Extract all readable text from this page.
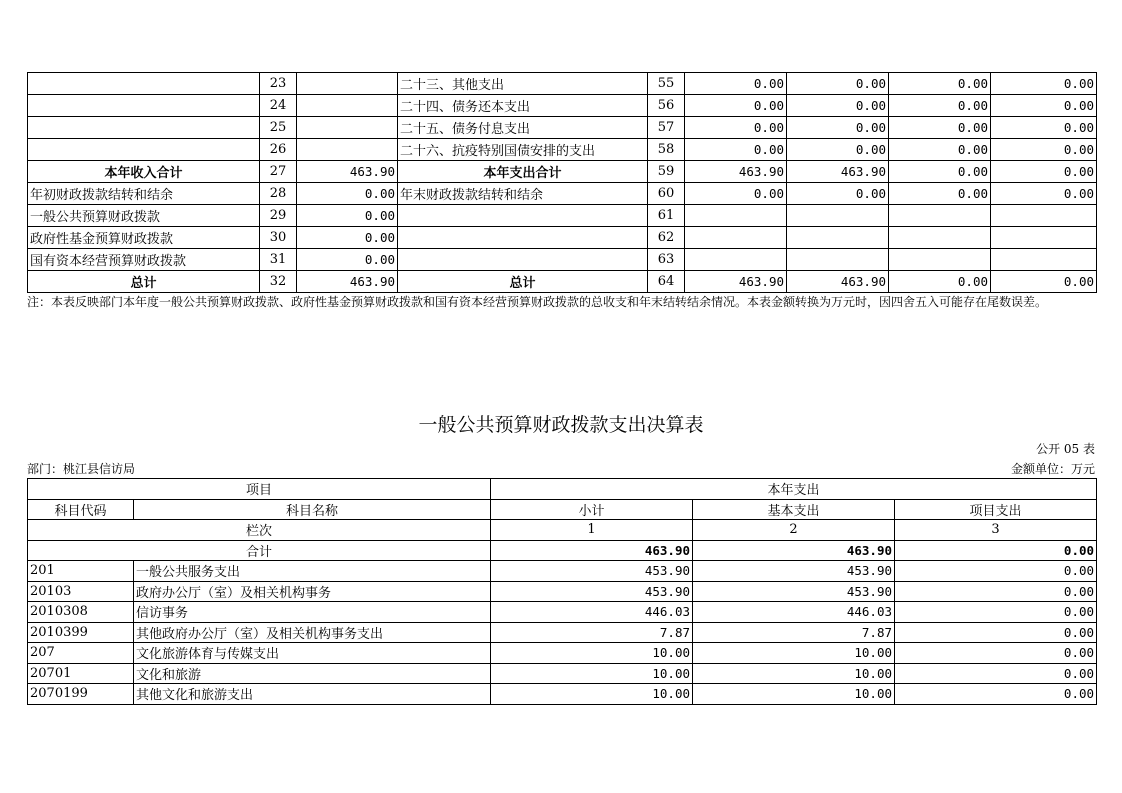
	23		二十三、其他支出	55	0.00	0.00	0.00	0.00
	24		二十四、债务还本支出	56	0.00	0.00	0.00	0.00
	25		二十五、债务付息支出	57	0.00	0.00	0.00	0.00
	26		二十六、抗疫特别国债安排的支出	58	0.00	0.00	0.00	0.00
本年收入合计	27	463.90	本年支出合计	59	463.90	463.90	0.00	0.00
年初财政拨款结转和结余	28	0.00	年末财政拨款结转和结余	60	0.00	0.00	0.00	0.00
一般公共预算财政拨款	29	0.00		61				
政府性基金预算财政拨款	30	0.00		62				
国有资本经营预算财政拨款	31	0.00		63				
总计	32	463.90	总计	64	463.90	463.90	0.00	0.00
注：本表反映部门本年度一般公共预算财政拨款、政府性基金预算财政拨款和国有资本经营预算财政拨款的总收支和年末结转结余情况。本表金额转换为万元时，因四舍五入可能存在尾数误差。
一般公共预算财政拨款支出决算表
公开 05 表
部门：桃江县信访局	金额单位：万元
项目		本年支出		
科目代码	科目名称	小计	基本支出	项目支出
栏次		1	2	3
合计		463.90	463.90	0.00
201	一般公共服务支出	453.90	453.90	0.00
20103	政府办公厅（室）及相关机构事务	453.90	453.90	0.00
2010308	信访事务	446.03	446.03	0.00
2010399	其他政府办公厅（室）及相关机构事务支出	7.87	7.87	0.00
207	文化旅游体育与传媒支出	10.00	10.00	0.00
20701	文化和旅游	10.00	10.00	0.00
2070199	其他文化和旅游支出	10.00	10.00	0.00
